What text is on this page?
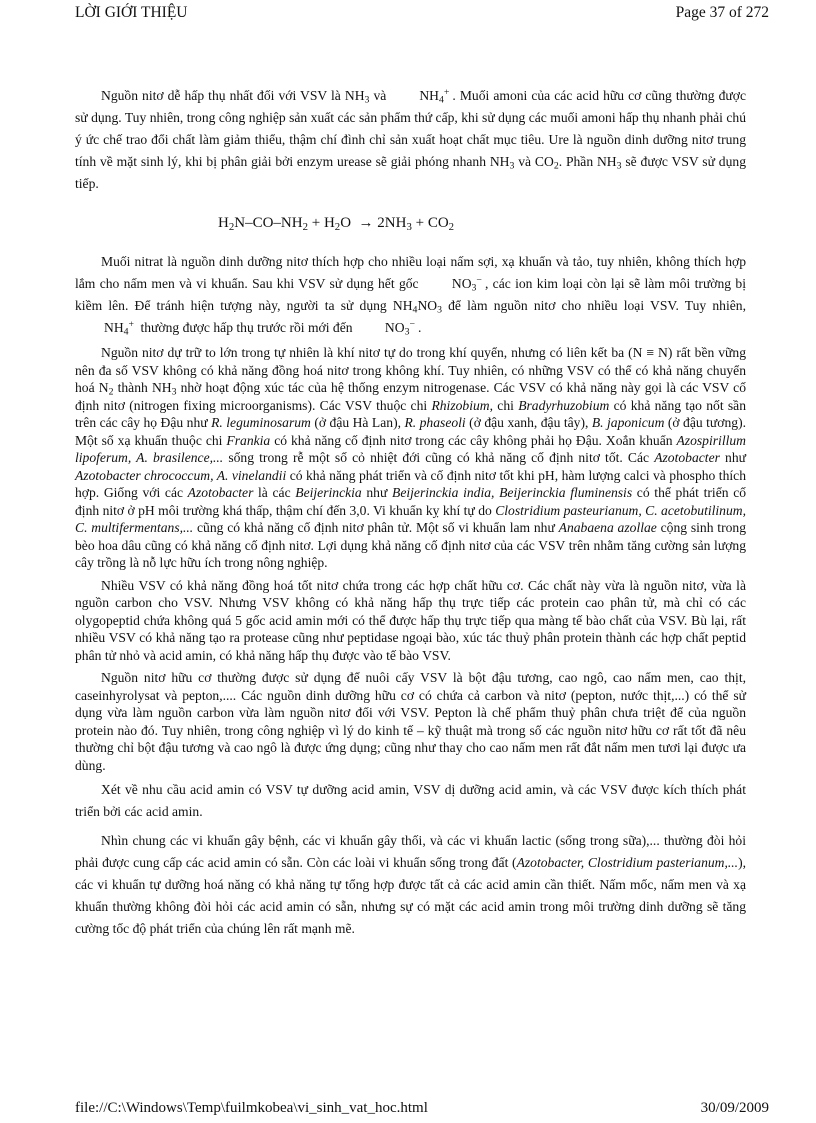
LỜI GIỚI THIỆU	Page 37 of 272

Nguồn nitơ dễ hấp thụ nhất đối với VSV là $NH_3$ và $NH_4^+$ . Muối amoni của các acid hữu cơ cũng thường được sử dụng. Tuy nhiên, trong công nghiệp sản xuất các sản phẩm thứ cấp, khi sử dụng các muối amoni hấp thụ nhanh phải chú ý ức chế trao đổi chất làm giảm thiểu, thậm chí đình chỉ sản xuất hoạt chất mục tiêu. Ure là nguồn dinh dưỡng nitơ trung tính về mặt sinh lý, khi bị phân giải bởi enzym urease sẽ giải phóng nhanh $NH_3$ và $CO_2$. Phần $NH_3$ sẽ được VSV sử dụng tiếp.

$H_2N-CO-NH_2 + H_2O \to 2NH_3 + CO_2$

Muối nitrat là nguồn dinh dưỡng nitơ thích hợp cho nhiều loại nấm sợi, xạ khuẩn và tảo, tuy nhiên, không thích hợp lắm cho nấm men và vi khuẩn. Sau khi VSV sử dụng hết gốc $NO_3^-$ , các ion kim loại còn lại sẽ làm môi trường bị kiềm lên. Để tránh hiện tượng này, người ta sử dụng $NH_4NO_3$ để làm nguồn nitơ cho nhiều loại VSV. Tuy nhiên, $NH_4^+$ thường được hấp thụ trước rồi mới đến $NO_3^-$ .

Nguồn nitơ dự trữ to lớn trong tự nhiên là khí nitơ tự do trong khí quyển, nhưng có liên kết ba (N ≡ N) rất bền vững nên đa số VSV không có khả năng đồng hoá nitơ trong không khí. Tuy nhiên, có những VSV có thể có khả năng chuyển hoá $N_2$ thành $NH_3$ nhờ hoạt động xúc tác của hệ thống enzym nitrogenase. Các VSV có khả năng này gọi là các VSV cố định nitơ (nitrogen fixing microorganisms). Các VSV thuộc chi Rhizobium, chi Bradyrhuzobium có khả năng tạo nốt sần trên các cây họ Đậu như R. leguminosarum (ở đậu Hà Lan), R. phaseoli (ở đậu xanh, đậu tây), B. japonicum (ở đậu tương). Một số xạ khuẩn thuộc chi Frankia có khả năng cố định nitơ trong các cây không phải họ Đậu. Xoắn khuẩn Azospirillum lipoferum, A. brasilence,... sống trong rễ một số cỏ nhiệt đới cũng có khả năng cố định nitơ tốt. Các Azotobacter như Azotobacter chrococcum, A. vinelandii có khả năng phát triển và cố định nitơ tốt khi pH, hàm lượng calci và phospho thích hợp. Giống với các Azotobacter là các Beijerinckia như Beijerinckia india, Beijerinckia fluminensis có thể phát triển cố định nitơ ở pH môi trường khá thấp, thậm chí đến 3,0. Vi khuẩn kỵ khí tự do Clostridium pasteurianum, C. acetobutilinum, C. multifermentans,... cũng có khả năng cố định nitơ phân tử. Một số vi khuẩn lam như Anabaena azollae cộng sinh trong bèo hoa dâu cũng có khả năng cố định nitơ. Lợi dụng khả năng cố định nitơ của các VSV trên nhằm tăng cường sản lượng cây trồng là nỗ lực hữu ích trong nông nghiệp.

Nhiều VSV có khả năng đồng hoá tốt nitơ chứa trong các hợp chất hữu cơ. Các chất này vừa là nguồn nitơ, vừa là nguồn carbon cho VSV. Nhưng VSV không có khả năng hấp thụ trực tiếp các protein cao phân tử, mà chỉ có các olygopeptid chứa không quá 5 gốc acid amin mới có thể được hấp thụ trực tiếp qua màng tế bào chất của VSV. Bù lại, rất nhiều VSV có khả năng tạo ra protease cũng như peptidase ngoại bào, xúc tác thuỷ phân protein thành các hợp chất peptid phân tử nhỏ và acid amin, có khả năng hấp thụ được vào tế bào VSV.

Nguồn nitơ hữu cơ thường được sử dụng để nuôi cấy VSV là bột đậu tương, cao ngô, cao nấm men, cao thịt, caseinhyrolysat và pepton,.... Các nguồn dinh dưỡng hữu cơ có chứa cả carbon và nitơ (pepton, nước thịt,...) có thể sử dụng vừa làm nguồn carbon vừa làm nguồn nitơ đối với VSV. Pepton là chế phẩm thuỷ phân chưa triệt để của nguồn protein nào đó. Tuy nhiên, trong công nghiệp vì lý do kinh tế – kỹ thuật mà trong số các nguồn nitơ hữu cơ rất tốt đã nêu thường chỉ bột đậu tương và cao ngô là được ứng dụng; cũng như thay cho cao nấm men rất đắt nấm men tươi lại được ưa dùng.

Xét về nhu cầu acid amin có VSV tự dưỡng acid amin, VSV dị dưỡng acid amin, và các VSV được kích thích phát triển bởi các acid amin.

Nhìn chung các vi khuẩn gây bệnh, các vi khuẩn gây thối, và các vi khuẩn lactic (sống trong sữa),... thường đòi hỏi phải được cung cấp các acid amin có sẵn. Còn các loài vi khuẩn sống trong đất (Azotobacter, Clostridium pasterianum,...), các vi khuẩn tự dưỡng hoá năng có khả năng tự tổng hợp được tất cả các acid amin cần thiết. Nấm mốc, nấm men và xạ khuẩn thường không đòi hỏi các acid amin có sẵn, nhưng sự có mặt các acid amin trong môi trường dinh dưỡng sẽ tăng cường tốc độ phát triển của chúng lên rất mạnh mẽ.

file://C:\Windows\Temp\fuilmkobea\vi_sinh_vat_hoc.html	30/09/2009
